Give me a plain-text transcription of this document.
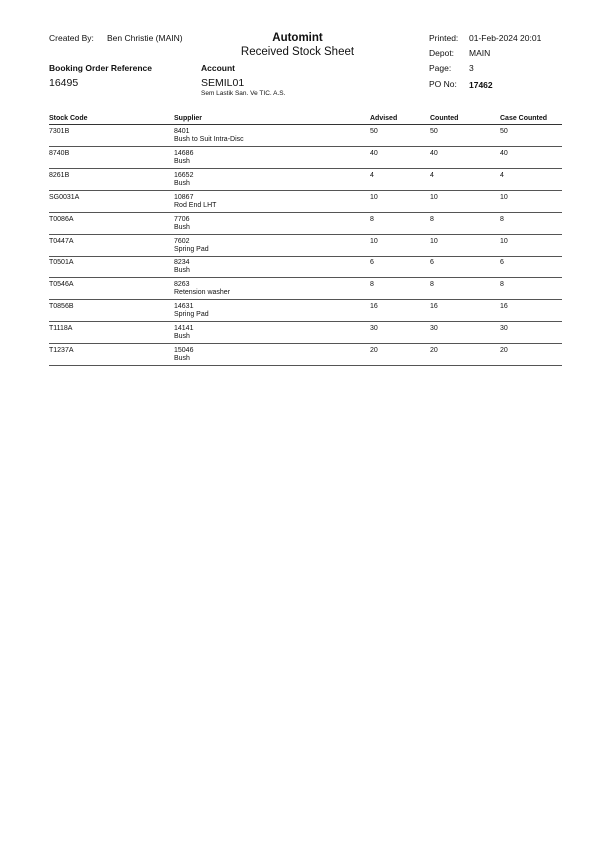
Created By: Ben Christie (MAIN)	Automint
Received Stock Sheet
Printed: 01-Feb-2024 20:01
Depot: MAIN
Page: 3
PO No: 17462
Booking Order Reference
16495
Account
SEMIL01
Sem Lastik San. Ve TIC. A.S.
Stock Code	Supplier	Advised	Counted	Case Counted
7301B	8401	50	50	50
Bush to Suit Intra-Disc
8740B	14686	40	40	40
Bush
8261B	16652	4	4	4
Bush
SG0031A	10867	10	10	10
Rod End LHT
T0086A	7706	8	8	8
Bush
T0447A	7602	10	10	10
Spring Pad
T0501A	8234	6	6	6
Bush
T0546A	8263	8	8	8
Retension washer
T0856B	14631	16	16	16
Spring Pad
T1118A	14141	30	30	30
Bush
T1237A	15046	20	20	20
Bush
